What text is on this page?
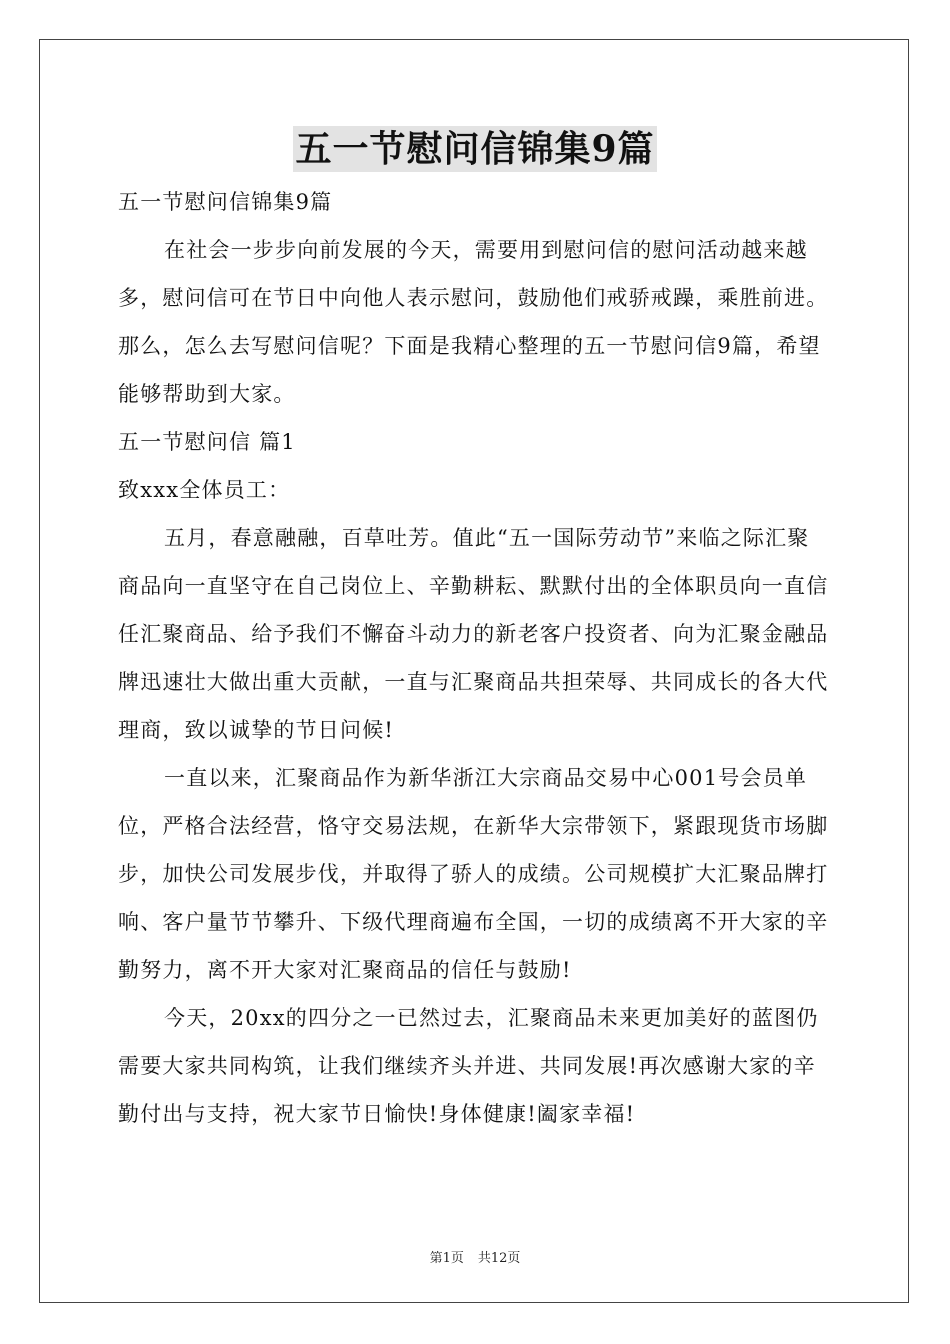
五一节慰问信锦集9篇

五一节慰问信锦集9篇

在社会一步步向前发展的今天，需要用到慰问信的慰问活动越来越多，慰问信可在节日中向他人表示慰问，鼓励他们戒骄戒躁，乘胜前进。那么，怎么去写慰问信呢？下面是我精心整理的五一节慰问信9篇，希望能够帮助到大家。

五一节慰问信 篇1

致xxx全体员工：

五月，春意融融，百草吐芳。值此“五一国际劳动节”来临之际汇聚商品向一直坚守在自己岗位上、辛勤耕耘、默默付出的全体职员向一直信任汇聚商品、给予我们不懈奋斗动力的新老客户投资者、向为汇聚金融品牌迅速壮大做出重大贡献，一直与汇聚商品共担荣辱、共同成长的各大代理商，致以诚挚的节日问候!

一直以来，汇聚商品作为新华浙江大宗商品交易中心001号会员单位，严格合法经营，恪守交易法规，在新华大宗带领下，紧跟现货市场脚步，加快公司发展步伐，并取得了骄人的成绩。公司规模扩大汇聚品牌打响、客户量节节攀升、下级代理商遍布全国，一切的成绩离不开大家的辛勤努力，离不开大家对汇聚商品的信任与鼓励!

今天，20xx的四分之一已然过去，汇聚商品未来更加美好的蓝图仍需要大家共同构筑，让我们继续齐头并进、共同发展!再次感谢大家的辛勤付出与支持，祝大家节日愉快!身体健康!阖家幸福!

第1页 共12页
